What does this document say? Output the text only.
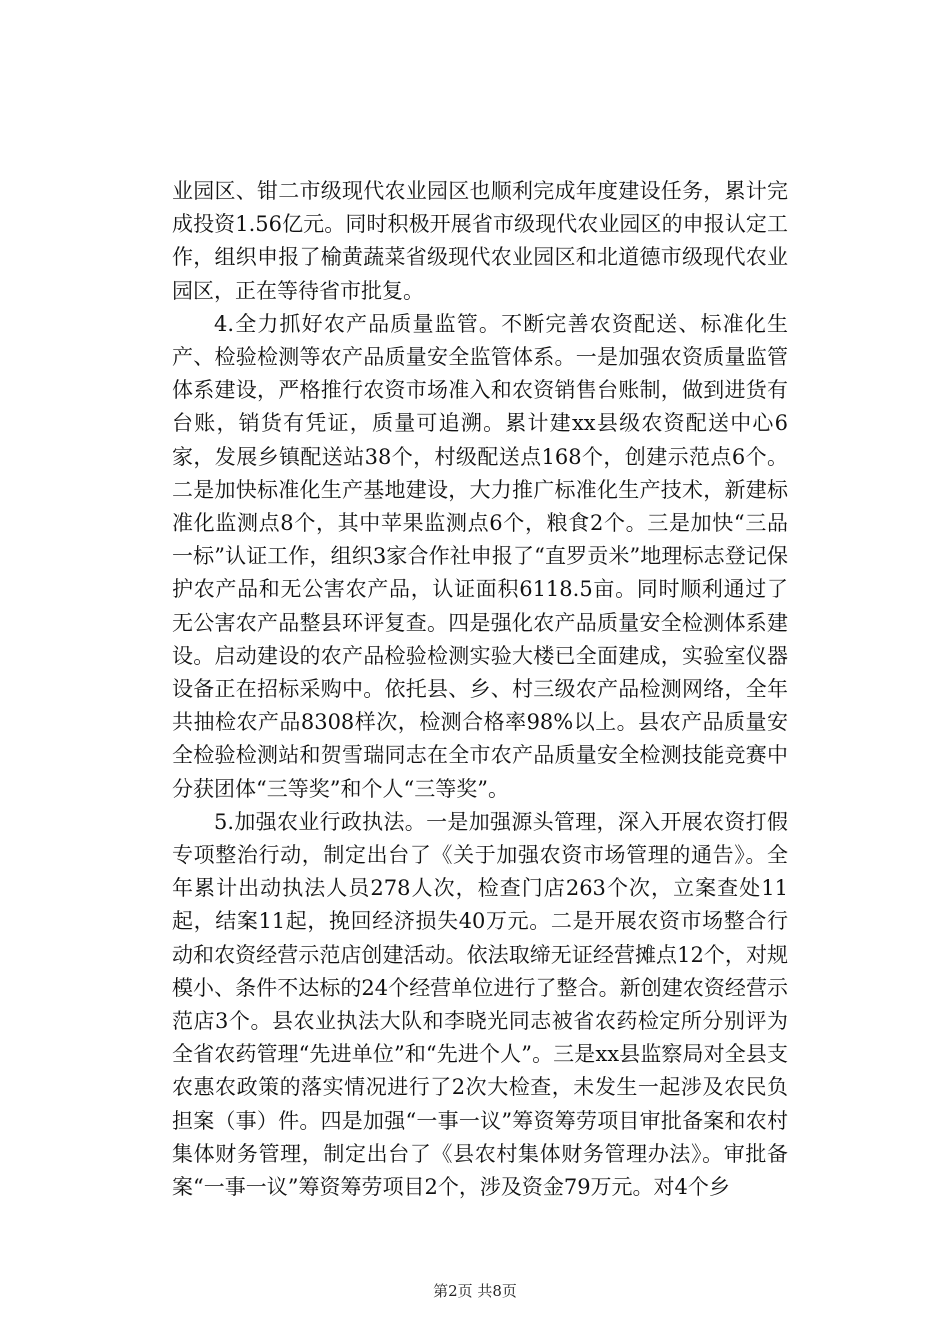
业园区、钳二市级现代农业园区也顺利完成年度建设任务，累计完成投资1.56亿元。同时积极开展省市级现代农业园区的申报认定工作，组织申报了榆黄蔬菜省级现代农业园区和北道德市级现代农业园区，正在等待省市批复。

4.全力抓好农产品质量监管。不断完善农资配送、标准化生产、检验检测等农产品质量安全监管体系。一是加强农资质量监管体系建设，严格推行农资市场准入和农资销售台账制，做到进货有台账，销货有凭证，质量可追溯。累计建xx县级农资配送中心6家，发展乡镇配送站38个，村级配送点168个，创建示范点6个。二是加快标准化生产基地建设，大力推广标准化生产技术，新建标准化监测点8个，其中苹果监测点6个，粮食2个。三是加快“三品一标”认证工作，组织3家合作社申报了“直罗贡米”地理标志登记保护农产品和无公害农产品，认证面积6118.5亩。同时顺利通过了无公害农产品整县环评复查。四是强化农产品质量安全检测体系建设。启动建设的农产品检验检测实验大楼已全面建成，实验室仪器设备正在招标采购中。依托县、乡、村三级农产品检测网络，全年共抽检农产品8308样次，检测合格率98%以上。县农产品质量安全检验检测站和贺雪瑞同志在全市农产品质量安全检测技能竞赛中分获团体“三等奖”和个人“三等奖”。

5.加强农业行政执法。一是加强源头管理，深入开展农资打假专项整治行动，制定出台了《关于加强农资市场管理的通告》。全年累计出动执法人员278人次，检查门店263个次，立案查处11起，结案11起，挽回经济损失40万元。二是开展农资市场整合行动和农资经营示范店创建活动。依法取缔无证经营摊点12个，对规模小、条件不达标的24个经营单位进行了整合。新创建农资经营示范店3个。县农业执法大队和李晓光同志被省农药检定所分别评为全省农药管理“先进单位”和“先进个人”。三是xx县监察局对全县支农惠农政策的落实情况进行了2次大检查，未发生一起涉及农民负担案（事）件。四是加强“一事一议”筹资筹劳项目审批备案和农村集体财务管理，制定出台了《县农村集体财务管理办法》。审批备案“一事一议”筹资筹劳项目2个，涉及资金79万元。对4个乡

第2页 共8页
